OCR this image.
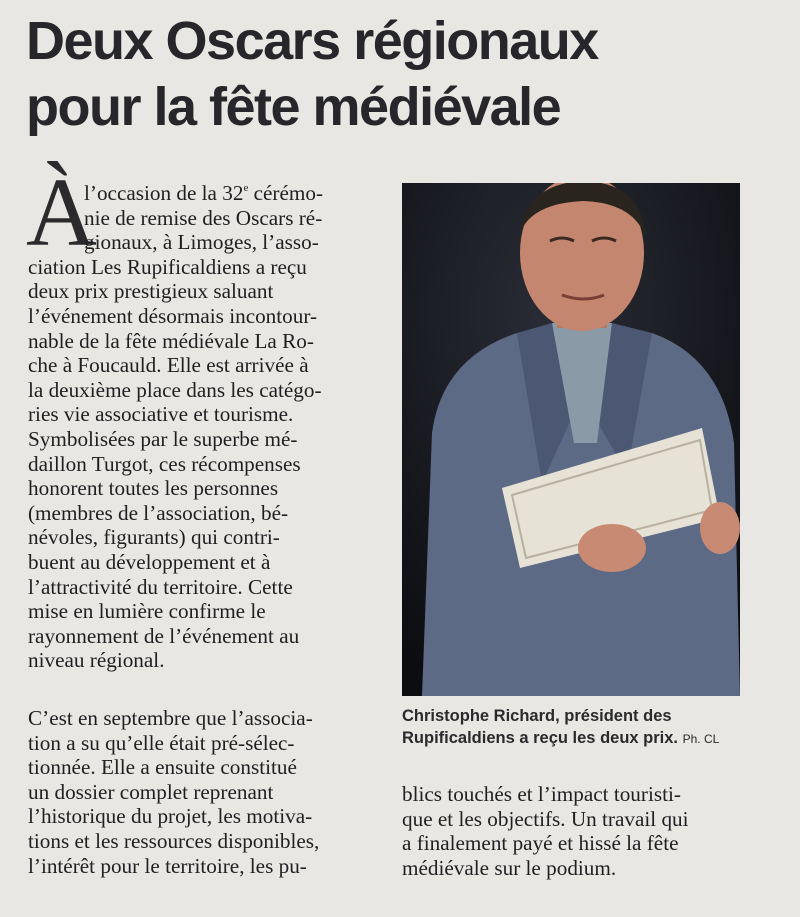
Deux Oscars régionaux
pour la fête médiévale
À
l’occasion de la 32e cérémo-
nie de remise des Oscars ré-
gionaux, à Limoges, l’asso-
ciation Les Rupificaldiens a reçu
deux prix prestigieux saluant
l’événement désormais incontour-
nable de la fête médiévale La Ro-
che à Foucauld. Elle est arrivée à
la deuxième place dans les catégo-
ries vie associative et tourisme.
Symbolisées par le superbe mé-
daillon Turgot, ces récompenses
honorent toutes les personnes
(membres de l’association, bé-
névoles, figurants) qui contri-
buent au développement et à
l’attractivité du territoire. Cette
mise en lumière confirme le
rayonnement de l’événement au
niveau régional.
C’est en septembre que l’associa-
tion a su qu’elle était pré-sélec-
tionnée. Elle a ensuite constitué
un dossier complet reprenant
l’historique du projet, les motiva-
tions et les ressources disponibles,
l’intérêt pour le territoire, les pu-
Christophe Richard, président des
Rupificaldiens a reçu les deux prix. Ph. CL
blics touchés et l’impact touristi-
que et les objectifs. Un travail qui
a finalement payé et hissé la fête
médiévale sur le podium.
